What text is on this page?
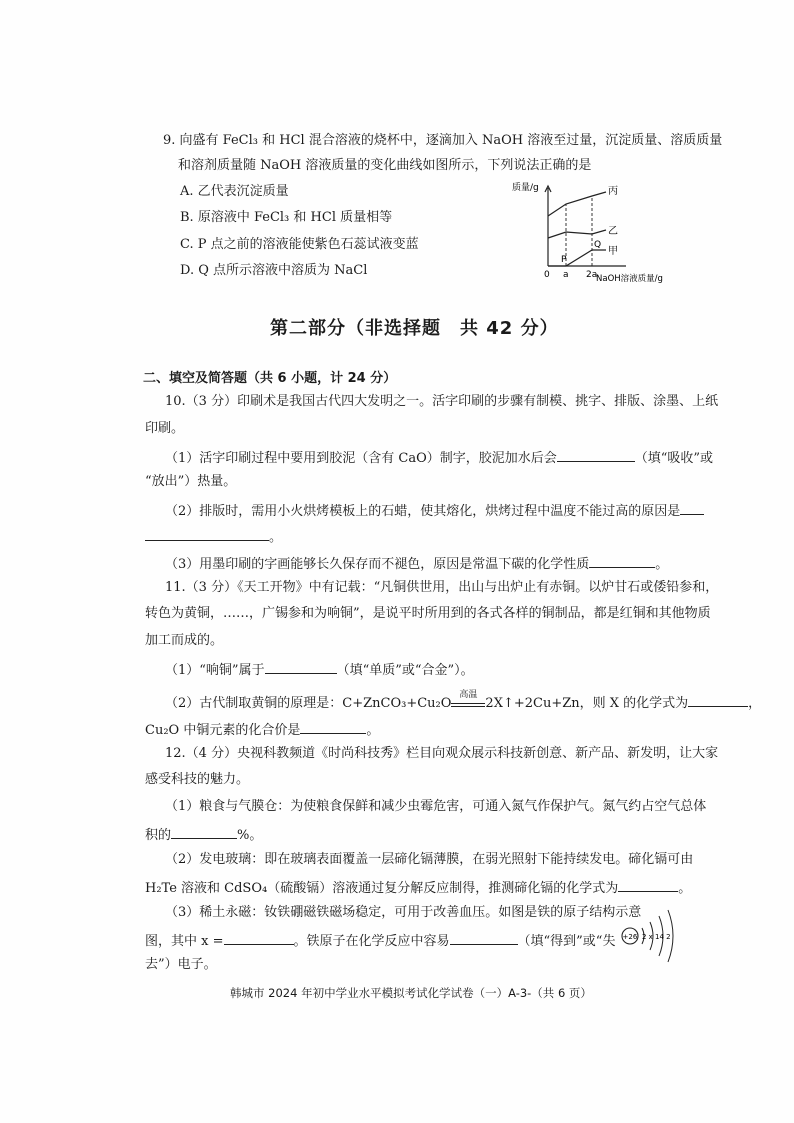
9. 向盛有 FeCl₃ 和 HCl 混合溶液的烧杯中，逐滴加入 NaOH 溶液至过量，沉淀质量、溶质质量
和溶剂质量随 NaOH 溶液质量的变化曲线如图所示，下列说法正确的是
A. 乙代表沉淀质量
B. 原溶液中 FeCl₃ 和 HCl 质量相等
C. P 点之前的溶液能使紫色石蕊试液变蓝
D. Q 点所示溶液中溶质为 NaCl
质量/g	丙
乙
甲
P
Q
0 a 2a
NaOH溶液质量/g
第二部分（非选择题　共 42 分）
二、填空及简答题（共 6 小题，计 24 分）
10.（3 分）印刷术是我国古代四大发明之一。活字印刷的步骤有制模、挑字、排版、涂墨、上纸
印刷。
（1）活字印刷过程中要用到胶泥（含有 CaO）制字，胶泥加水后会	（填“吸收”或
“放出”）热量。
（2）排版时，需用小火烘烤模板上的石蜡，使其熔化，烘烤过程中温度不能过高的原因是
。
（3）用墨印刷的字画能够长久保存而不褪色，原因是常温下碳的化学性质	。
11.（3 分）《天工开物》中有记载：“凡铜供世用，出山与出炉止有赤铜。以炉甘石或倭铅参和，
转色为黄铜，……，广锡参和为响铜”，是说平时所用到的各式各样的铜制品，都是红铜和其他物质
加工而成的。
（1）“响铜”属于	（填“单质”或“合金”）。
（2）古代制取黄铜的原理是：C+ZnCO₃+Cu₂O
高温
2X↑+2Cu+Zn，则 X 的化学式为	，
Cu₂O 中铜元素的化合价是	。
12.（4 分）央视科教频道《时尚科技秀》栏目向观众展示科技新创意、新产品、新发明，让大家
感受科技的魅力。
（1）粮食与气膜仓：为使粮食保鲜和减少虫霉危害，可通入氮气作保护气。氮气约占空气总体
积的	%。
（2）发电玻璃：即在玻璃表面覆盖一层碲化镉薄膜，在弱光照射下能持续发电。碲化镉可由
H₂Te 溶液和 CdSO₄（硫酸镉）溶液通过复分解反应制得，推测碲化镉的化学式为	。
（3）稀土永磁：钕铁硼磁铁磁场稳定，可用于改善血压。如图是铁的原子结构示意
图，其中 x =	。铁原子在化学反应中容易	（填“得到”或“失
去”）电子。
+26 2 x 14 2
韩城市 2024 年初中学业水平模拟考试化学试卷（一）A-3-（共 6 页）
